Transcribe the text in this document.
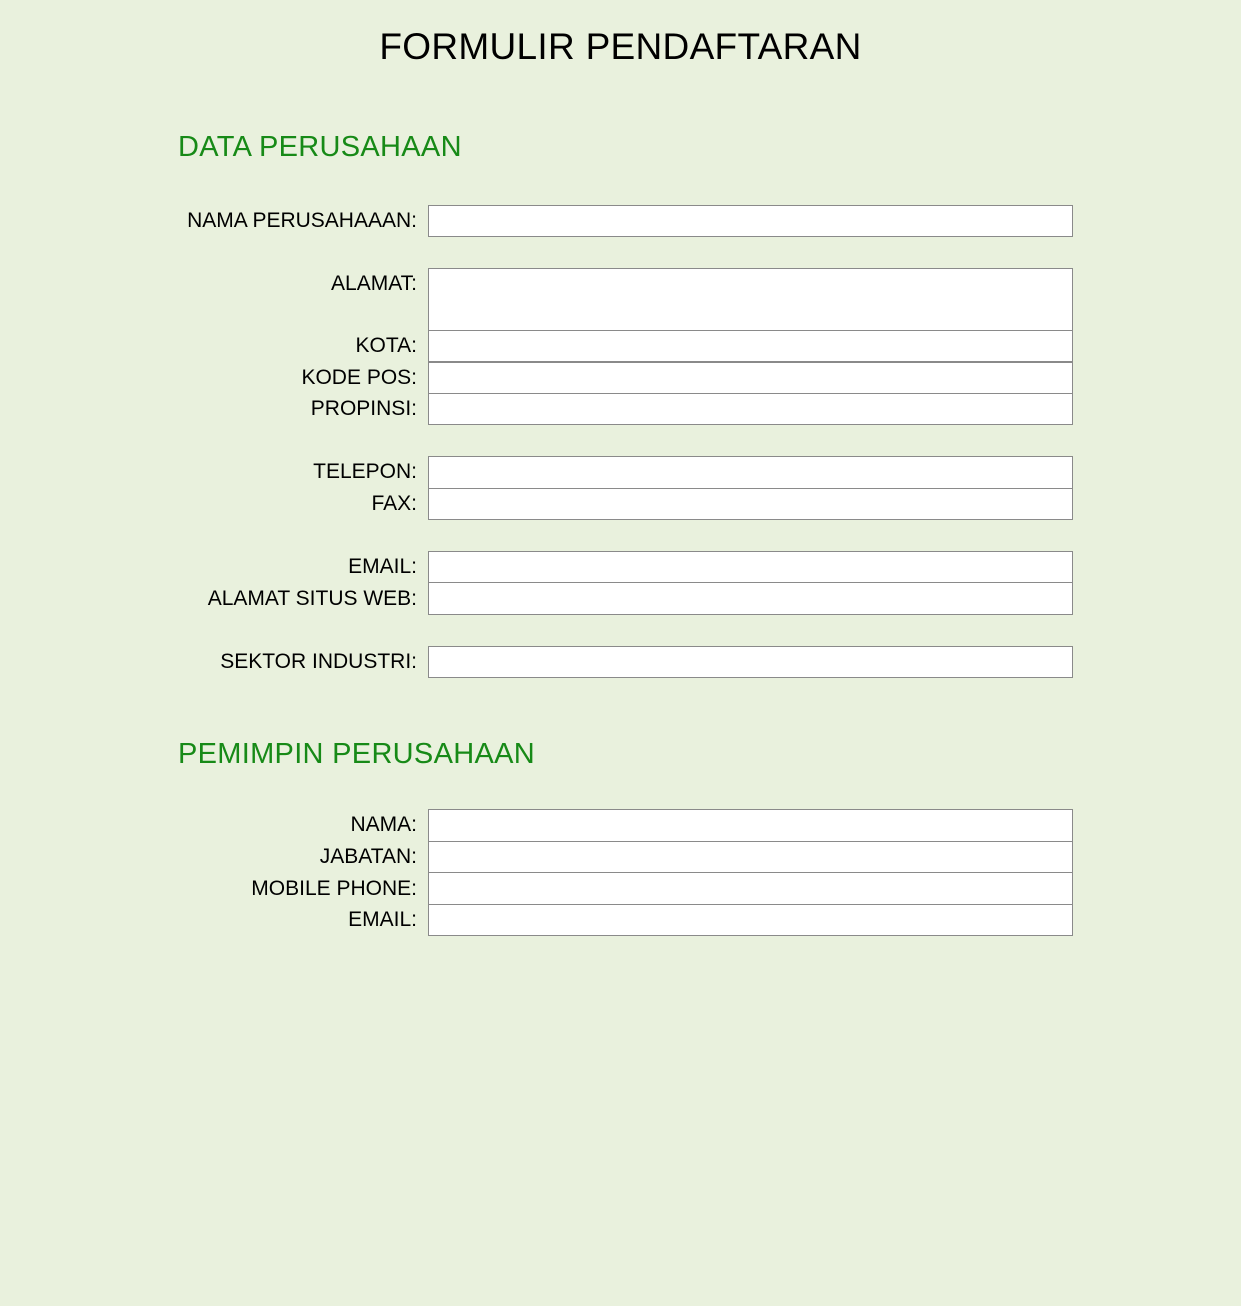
FORMULIR PENDAFTARAN
DATA PERUSAHAAN
NAMA PERUSAHAAAN:
ALAMAT:
KOTA:
KODE POS:
PROPINSI:
TELEPON:
FAX:
EMAIL:
ALAMAT SITUS WEB:
SEKTOR INDUSTRI:
PEMIMPIN PERUSAHAAN
NAMA:
JABATAN:
MOBILE PHONE:
EMAIL:
